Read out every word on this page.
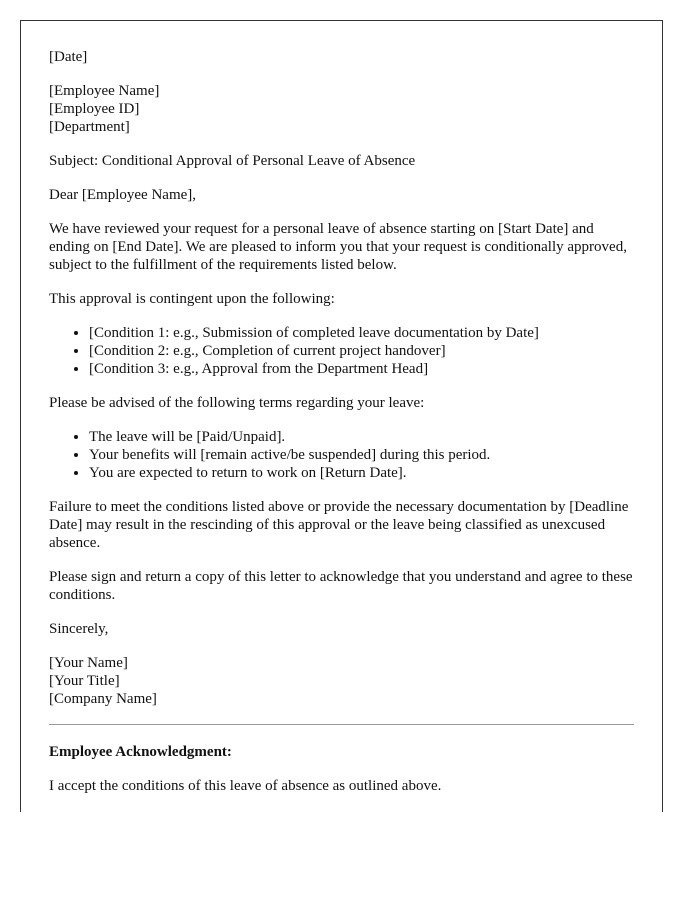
[Date]

[Employee Name]
[Employee ID]
[Department]

Subject: Conditional Approval of Personal Leave of Absence

Dear [Employee Name],

We have reviewed your request for a personal leave of absence starting on [Start Date] and ending on [End Date]. We are pleased to inform you that your request is conditionally approved, subject to the fulfillment of the requirements listed below.

This approval is contingent upon the following:

• [Condition 1: e.g., Submission of completed leave documentation by Date]
• [Condition 2: e.g., Completion of current project handover]
• [Condition 3: e.g., Approval from the Department Head]

Please be advised of the following terms regarding your leave:

• The leave will be [Paid/Unpaid].
• Your benefits will [remain active/be suspended] during this period.
• You are expected to return to work on [Return Date].

Failure to meet the conditions listed above or provide the necessary documentation by [Deadline Date] may result in the rescinding of this approval or the leave being classified as unexcused absence.

Please sign and return a copy of this letter to acknowledge that you understand and agree to these conditions.

Sincerely,

[Your Name]
[Your Title]
[Company Name]

Employee Acknowledgment:

I accept the conditions of this leave of absence as outlined above.
